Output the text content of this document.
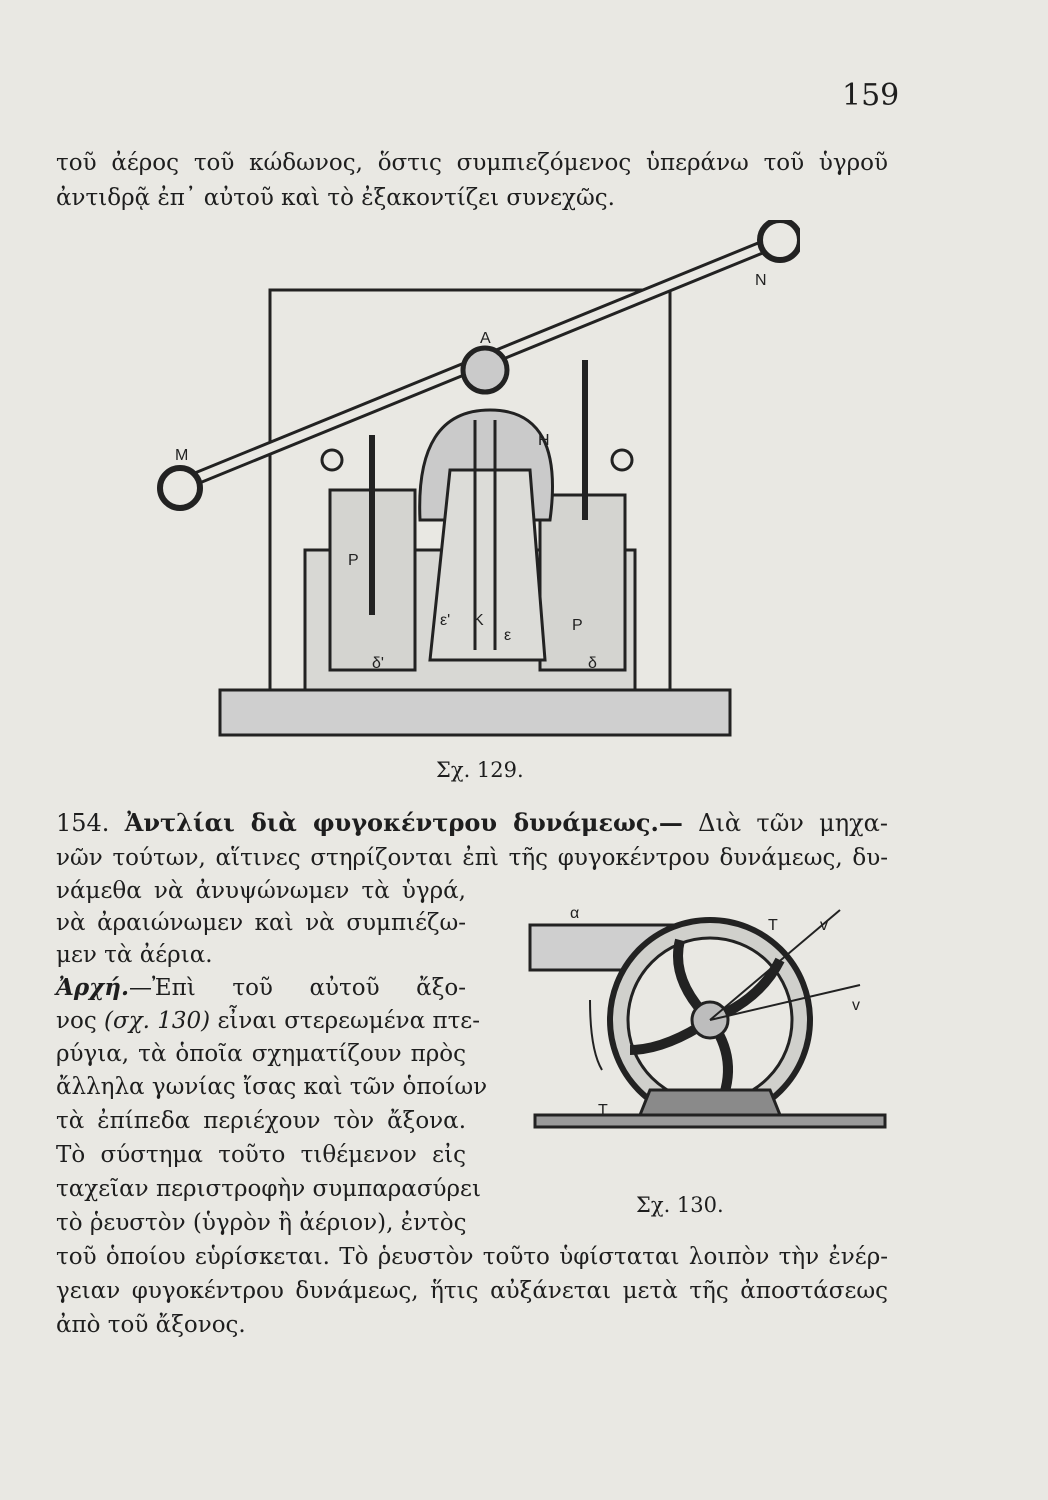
159
τοῦ ἀέρος τοῦ κώδωνος, ὅστις συμπιεζόμενος ὑπεράνω τοῦ ὑγροῦ
ἀντιδρᾷ ἐπ᾿ αὐτοῦ καὶ τὸ ἐξακοντίζει συνεχῶς.
M
N
A
H
P
P
K
ε'
ε
δ'	δ
Σχ. 129.
154. Ἀντλίαι διὰ φυγοκέντρου δυνάμεως.— Διὰ τῶν μηχα-
νῶν τούτων, αἵτινες στηρίζονται ἐπὶ τῆς φυγοκέντρου δυνάμεως, δυ-
νάμεθα νὰ ἀνυψώνωμεν τὰ ὑγρά,
νὰ ἀραιώνωμεν καὶ νὰ συμπιέζω-
μεν τὰ ἀέρια.
Ἀρχή.—Ἐπὶ τοῦ αὐτοῦ ἄξο-
νος (σχ. 130) εἶναι στερεωμένα πτε-
ρύγια, τὰ ὁποῖα σχηματίζουν πρὸς
ἄλληλα γωνίας ἴσας καὶ τῶν ὁποίων
τὰ ἐπίπεδα περιέχουν τὸν ἄξονα.
Τὸ σύστημα τοῦτο τιθέμενον εἰς
ταχεῖαν περιστροφὴν συμπαρασύρει
τὸ ῥευστὸν (ὑγρὸν ἢ ἀέριον), ἐντὸς
τοῦ ὁποίου εὑρίσκεται. Τὸ ῥευστὸν τοῦτο ὑφίσταται λοιπὸν τὴν ἐνέρ-
γειαν φυγοκέντρου δυνάμεως, ἥτις αὐξάνεται μετὰ τῆς ἀποστάσεως
ἀπὸ τοῦ ἄξονος.
α
T	v
v
T
Σχ. 130.
